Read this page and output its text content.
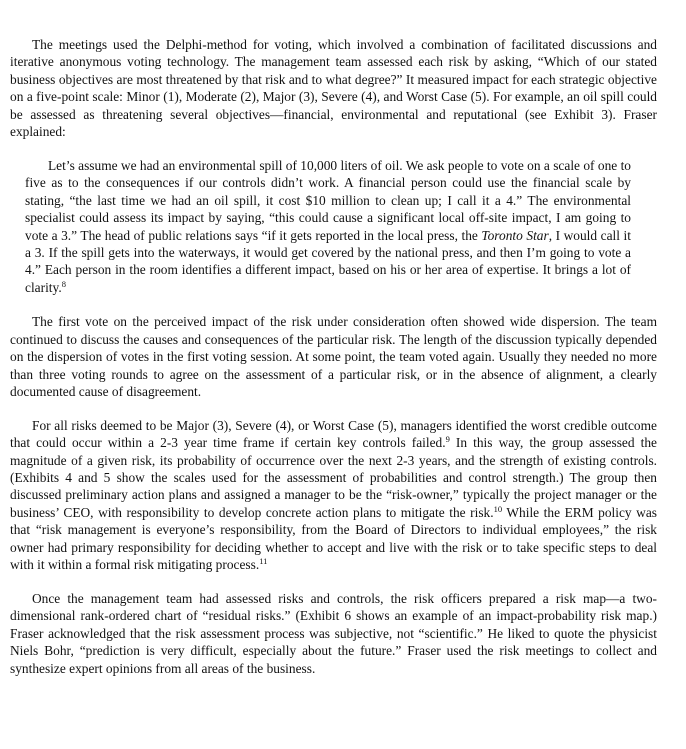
The meetings used the Delphi-method for voting, which involved a combination of facilitated discussions and iterative anonymous voting technology. The management team assessed each risk by asking, “Which of our stated business objectives are most threatened by that risk and to what degree?” It measured impact for each strategic objective on a five-point scale: Minor (1), Moderate (2), Major (3), Severe (4), and Worst Case (5). For example, an oil spill could be assessed as threatening several objectives—financial, environmental and reputational (see Exhibit 3). Fraser explained:

Let’s assume we had an environmental spill of 10,000 liters of oil. We ask people to vote on a scale of one to five as to the consequences if our controls didn’t work. A financial person could use the financial scale by stating, “the last time we had an oil spill, it cost $10 million to clean up; I call it a 4.” The environmental specialist could assess its impact by saying, “this could cause a significant local off-site impact, I am going to vote a 3.” The head of public relations says “if it gets reported in the local press, the Toronto Star, I would call it a 3. If the spill gets into the waterways, it would get covered by the national press, and then I’m going to vote a 4.” Each person in the room identifies a different impact, based on his or her area of expertise. It brings a lot of clarity.$^8$

The first vote on the perceived impact of the risk under consideration often showed wide dispersion. The team continued to discuss the causes and consequences of the particular risk. The length of the discussion typically depended on the dispersion of votes in the first voting session. At some point, the team voted again. Usually they needed no more than three voting rounds to agree on the assessment of a particular risk, or in the absence of alignment, a clearly documented cause of disagreement.

For all risks deemed to be Major (3), Severe (4), or Worst Case (5), managers identified the worst credible outcome that could occur within a 2-3 year time frame if certain key controls failed.$^9$ In this way, the group assessed the magnitude of a given risk, its probability of occurrence over the next 2-3 years, and the strength of existing controls. (Exhibits 4 and 5 show the scales used for the assessment of probabilities and control strength.) The group then discussed preliminary action plans and assigned a manager to be the “risk-owner,” typically the project manager or the business’ CEO, with responsibility to develop concrete action plans to mitigate the risk.$^{10}$ While the ERM policy was that “risk management is everyone’s responsibility, from the Board of Directors to individual employees,” the risk owner had primary responsibility for deciding whether to accept and live with the risk or to take specific steps to deal with it within a formal risk mitigating process.$^{11}$

Once the management team had assessed risks and controls, the risk officers prepared a risk map—a two-dimensional rank-ordered chart of “residual risks.” (Exhibit 6 shows an example of an impact-probability risk map.) Fraser acknowledged that the risk assessment process was subjective, not “scientific.” He liked to quote the physicist Niels Bohr, “prediction is very difficult, especially about the future.” Fraser used the risk meetings to collect and synthesize expert opinions from all areas of the business.
